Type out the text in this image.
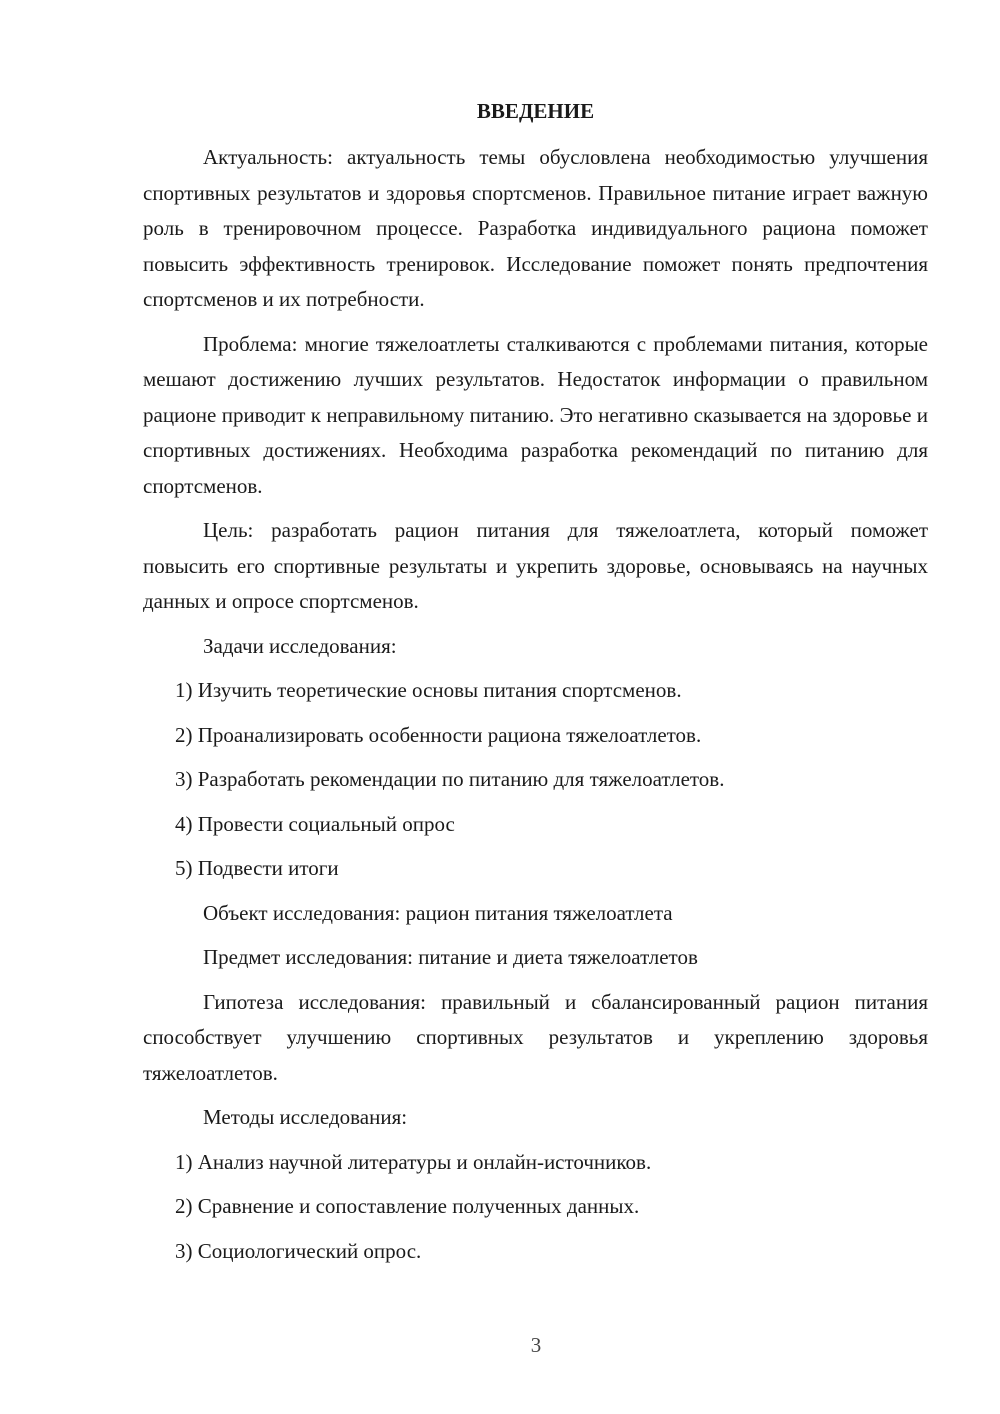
ВВЕДЕНИЕ

Актуальность: актуальность темы обусловлена необходимостью улучшения спортивных результатов и здоровья спортсменов. Правильное питание играет важную роль в тренировочном процессе. Разработка индивидуального рациона поможет повысить эффективность тренировок. Исследование поможет понять предпочтения спортсменов и их потребности.

Проблема: многие тяжелоатлеты сталкиваются с проблемами питания, которые мешают достижению лучших результатов. Недостаток информации о правильном рационе приводит к неправильному питанию. Это негативно сказывается на здоровье и спортивных достижениях. Необходима разработка рекомендаций по питанию для спортсменов.

Цель: разработать рацион питания для тяжелоатлета, который поможет повысить его спортивные результаты и укрепить здоровье, основываясь на научных данных и опросе спортсменов.

Задачи исследования:

1) Изучить теоретические основы питания спортсменов.

2) Проанализировать особенности рациона тяжелоатлетов.

3) Разработать рекомендации по питанию для тяжелоатлетов.

4) Провести социальный опрос

5) Подвести итоги

Объект исследования: рацион питания тяжелоатлета

Предмет исследования: питание и диета тяжелоатлетов

Гипотеза исследования: правильный и сбалансированный рацион питания способствует улучшению спортивных результатов и укреплению здоровья тяжелоатлетов.

Методы исследования:

1) Анализ научной литературы и онлайн-источников.

2) Сравнение и сопоставление полученных данных.

3) Социологический опрос.

3
